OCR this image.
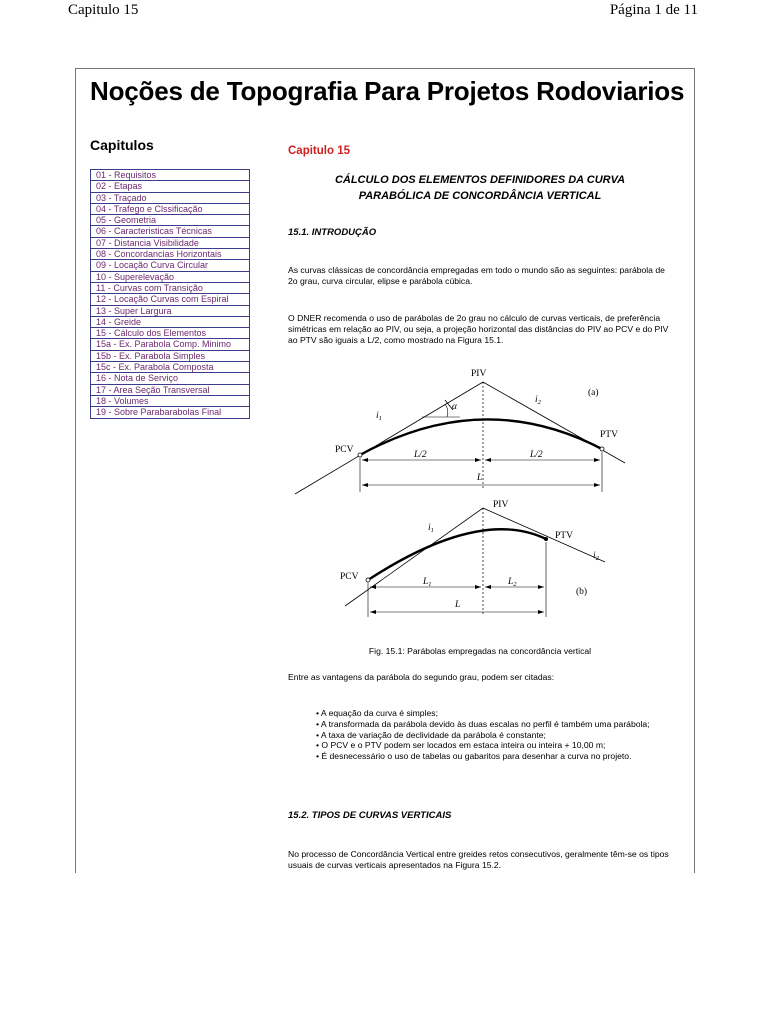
Capitulo 15	Página 1 de 11
Noções de Topografia Para Projetos Rodoviarios
Capitulos
01 - Requisitos
02 - Etapas
03 - Traçado
04 - Trafego e Clssificação
05 - Geometria
06 - Caracteristicas Técnicas
07 - Distancia Visibilidade
08 - Concordancias Horizontais
09 - Locação Curva Circular
10 - Superelevação
11 - Curvas com Transição
12 - Locação Curvas com Espiral
13 - Super Largura
14 - Greide
15 - Cálculo dos Elementos
15a - Ex. Parabola Comp. Minimo
15b - Ex. Parabola Simples
15c - Ex. Parabola Composta
16 - Nota de Serviço
17 - Area Seção Transversal
18 - Volumes
19 - Sobre Parabarabolas Final
Capitulo 15
CÁLCULO DOS ELEMENTOS DEFINIDORES DA CURVA
PARABÓLICA DE CONCORDÂNCIA VERTICAL
15.1. INTRODUÇÃO
As curvas clássicas de concordância empregadas em todo o mundo são as seguintes: parábola de 2o grau, curva circular, elipse e parábola cúbica.
O DNER recomenda o uso de parábolas de 2o grau no cálculo de curvas verticais, de preferência simétricas em relação ao PIV, ou seja, a projeção horizontal das distâncias do PIV ao PCV e do PIV ao PTV são iguais a L/2, como mostrado na Figura 15.1.
PIV
(a)
$i_1$
$i_2$
α
PCV
PTV
L/2	L/2
L
PIV
(b)
$i_1$
$i_2$
PCV
PTV
$L_1$	$L_2$
L
Fig. 15.1: Parábolas empregadas na concordância vertical
Entre as vantagens da parábola do segundo grau, podem ser citadas:
• A equação da curva é simples;
• A transformada da parábola devido às duas escalas no perfil é também uma parábola;
• A taxa de variação de declividade da parábola é constante;
• O PCV e o PTV podem ser locados em estaca inteira ou inteira + 10,00 m;
• É desnecessário o uso de tabelas ou gabaritos para desenhar a curva no projeto.
15.2. TIPOS DE CURVAS VERTICAIS
No processo de Concordância Vertical entre greides retos consecutivos, geralmente têm-se os tipos usuais de curvas verticais apresentados na Figura 15.2.
